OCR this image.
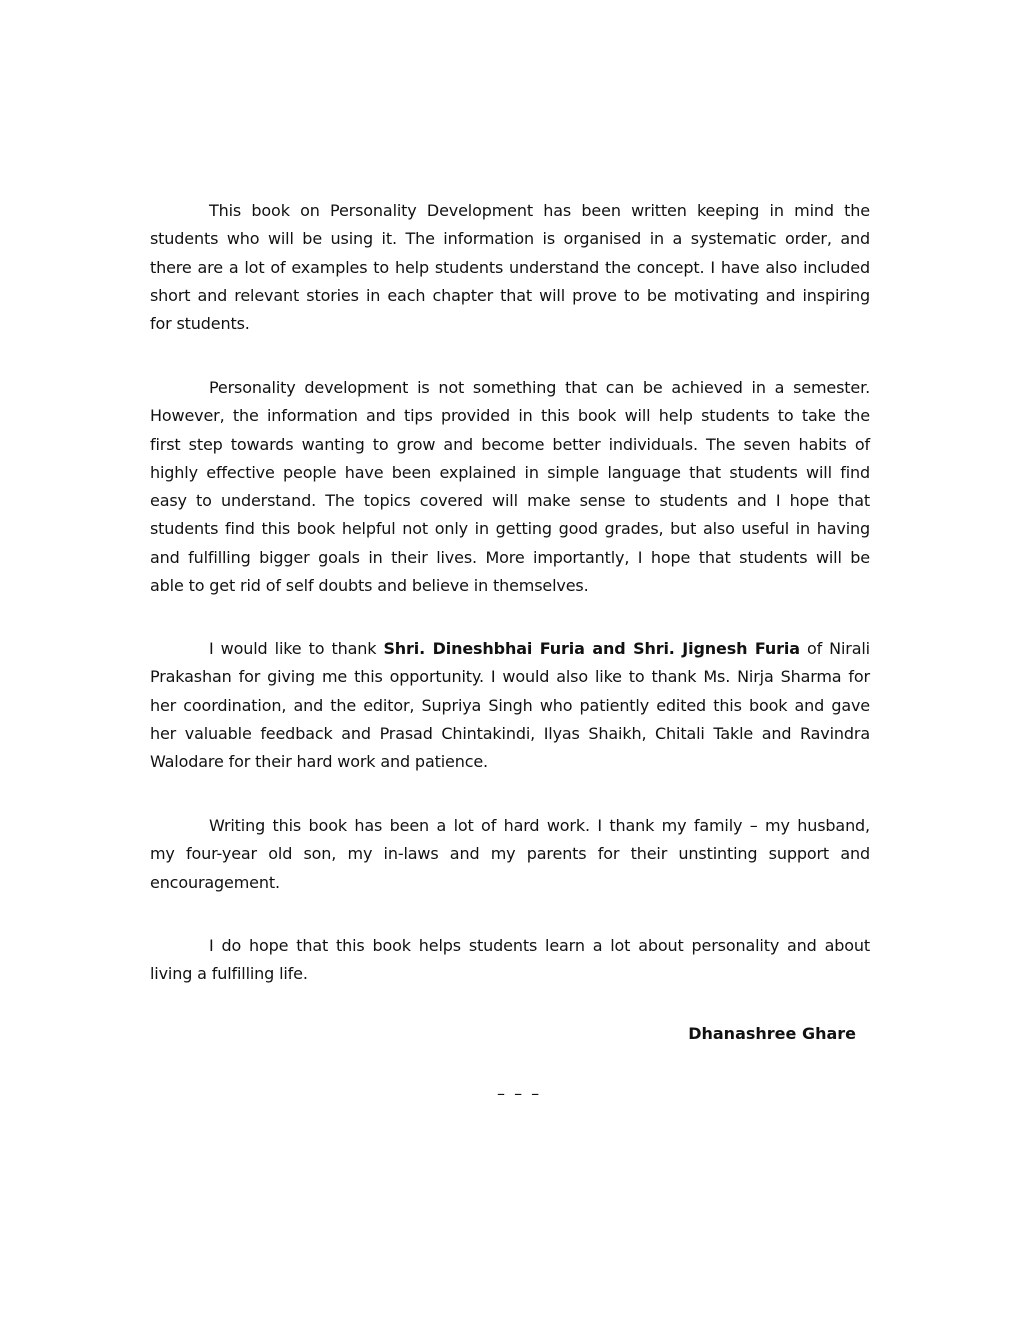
This book on Personality Development has been written keeping in mind the
students who will be using it. The information is organised in a systematic order, and
there are a lot of examples to help students understand the concept. I have also included
short and relevant stories in each chapter that will prove to be motivating and inspiring
for students.
Personality development is not something that can be achieved in a semester.
However, the information and tips provided in this book will help students to take the
first step towards wanting to grow and become better individuals. The seven habits of
highly effective people have been explained in simple language that students will find
easy to understand. The topics covered will make sense to students and I hope that
students find this book helpful not only in getting good grades, but also useful in having
and fulfilling bigger goals in their lives. More importantly, I hope that students will be
able to get rid of self doubts and believe in themselves.
I would like to thank Shri. Dineshbhai Furia and Shri. Jignesh Furia of Nirali
Prakashan for giving me this opportunity. I would also like to thank Ms. Nirja Sharma for
her coordination, and the editor, Supriya Singh who patiently edited this book and gave
her valuable feedback and Prasad Chintakindi, Ilyas Shaikh, Chitali Takle and Ravindra
Walodare for their hard work and patience.
Writing this book has been a lot of hard work. I thank my family – my husband,
my four-year old son, my in-laws and my parents for their unstinting support and
encouragement.
I do hope that this book helps students learn a lot about personality and about
living a fulfilling life.
Dhanashree Ghare
– – –
